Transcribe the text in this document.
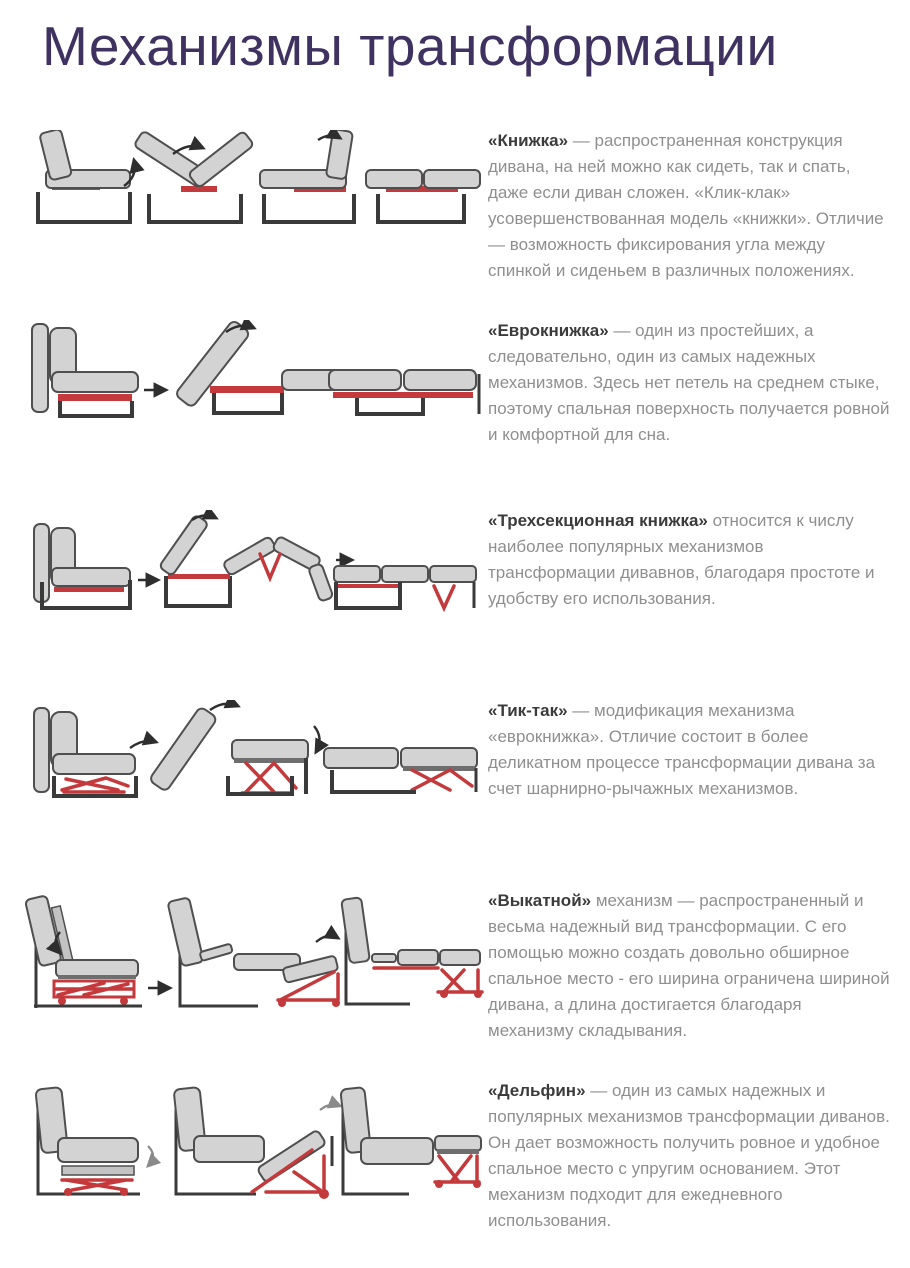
Механизмы трансформации

«Книжка» — распространенная конструкция дивана, на ней можно как сидеть, так и спать, даже если диван сложен. «Клик-клак» усовершенствованная модель «книжки». Отличие — возможность фиксирования угла между спинкой и сиденьем в различных положениях.

«Еврокнижка» — один из простейших, а следовательно, один из самых надежных механизмов. Здесь нет петель на среднем стыке, поэтому спальная поверхность получается ровной и комфортной для сна.

«Трехсекционная книжка» относится к числу наиболее популярных механизмов трансформации дивавнов, благодаря простоте и удобству его использования.

«Тик-так» — модификация механизма «еврокнижка». Отличие состоит в более деликатном процессе трансформации дивана за счет шарнирно-рычажных механизмов.

«Выкатной» механизм — распространенный и весьма надежный вид трансформации. С его помощью можно создать довольно обширное спальное место - его ширина ограничена шириной дивана, а длина достигается благодаря механизму складывания.

«Дельфин» — один из самых надежных и популярных механизмов трансформации диванов. Он дает возможность получить ровное и удобное спальное место с упругим основанием. Этот механизм подходит для ежедневного использования.
